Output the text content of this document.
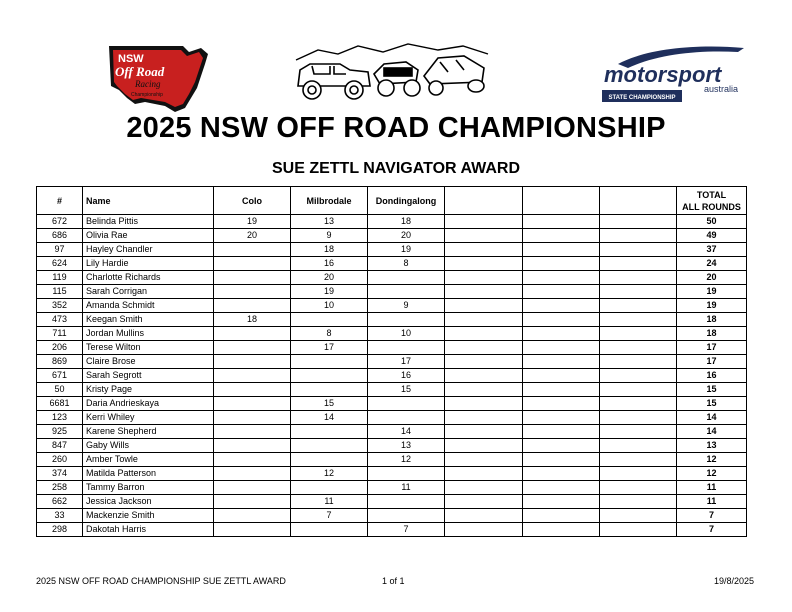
NSW
Off Road
Racing
Championship
motorsport
australia
STATE CHAMPIONSHIP
2025 NSW OFF ROAD CHAMPIONSHIP
SUE ZETTL NAVIGATOR AWARD
#	Name	Colo	Milbrodale	Dondingalong				TOTAL
ALL ROUNDS

672	Belinda Pittis	19	13	18				50
686	Olivia Rae	20	9	20				49
97	Hayley Chandler		18	19				37
624	Lily Hardie		16	8				24
119	Charlotte Richards		20					20
115	Sarah Corrigan		19					19
352	Amanda Schmidt		10	9				19
473	Keegan Smith	18						18
711	Jordan Mullins		8	10				18
206	Terese Wilton		17					17
869	Claire Brose			17				17
671	Sarah Segrott			16				16
50	Kristy Page			15				15
6681	Daria Andrieskaya		15					15
123	Kerri Whiley		14					14
925	Karene Shepherd			14				14
847	Gaby Wills			13				13
260	Amber Towle			12				12
374	Matilda Patterson		12					12
258	Tammy Barron			11				11
662	Jessica Jackson		11					11
33	Mackenzie Smith		7					7
298	Dakotah Harris			7				7
2025 NSW OFF ROAD CHAMPIONSHIP SUE ZETTL AWARD	1 of 1	19/8/2025
